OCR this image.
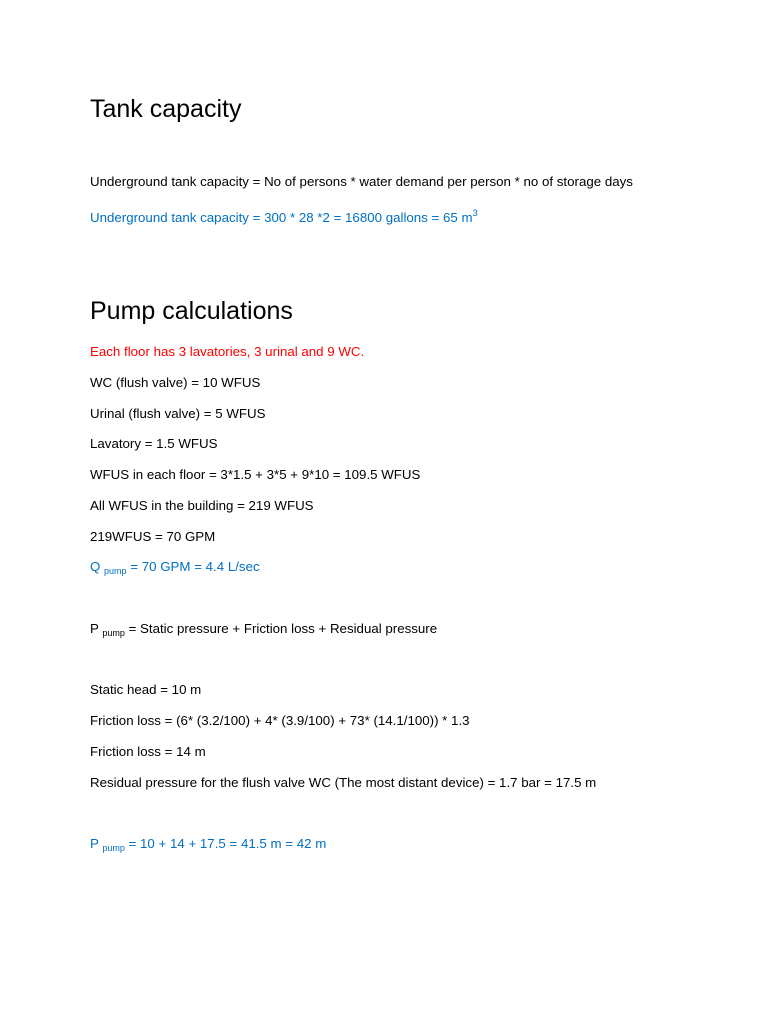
Tank capacity
Underground tank capacity = No of persons * water demand per person * no of storage days
Underground tank capacity = 300 * 28 *2 = 16800 gallons = 65 $m^3$
Pump calculations
Each floor has 3 lavatories, 3 urinal and 9 WC.
WC (flush valve) = 10 WFUS
Urinal (flush valve) = 5 WFUS
Lavatory = 1.5 WFUS
WFUS in each floor = 3*1.5 + 3*5 + 9*10 = 109.5 WFUS
All WFUS in the building = 219 WFUS
219WFUS = 70 GPM
Q $_{pump}$ = 70 GPM = 4.4 L/sec
P $_{pump}$ = Static pressure + Friction loss + Residual pressure
Static head = 10 m
Friction loss = (6* (3.2/100) + 4* (3.9/100) + 73* (14.1/100)) * 1.3
Friction loss = 14 m
Residual pressure for the flush valve WC (The most distant device) = 1.7 bar = 17.5 m
P $_{pump}$ = 10 + 14 + 17.5 = 41.5 m = 42 m
